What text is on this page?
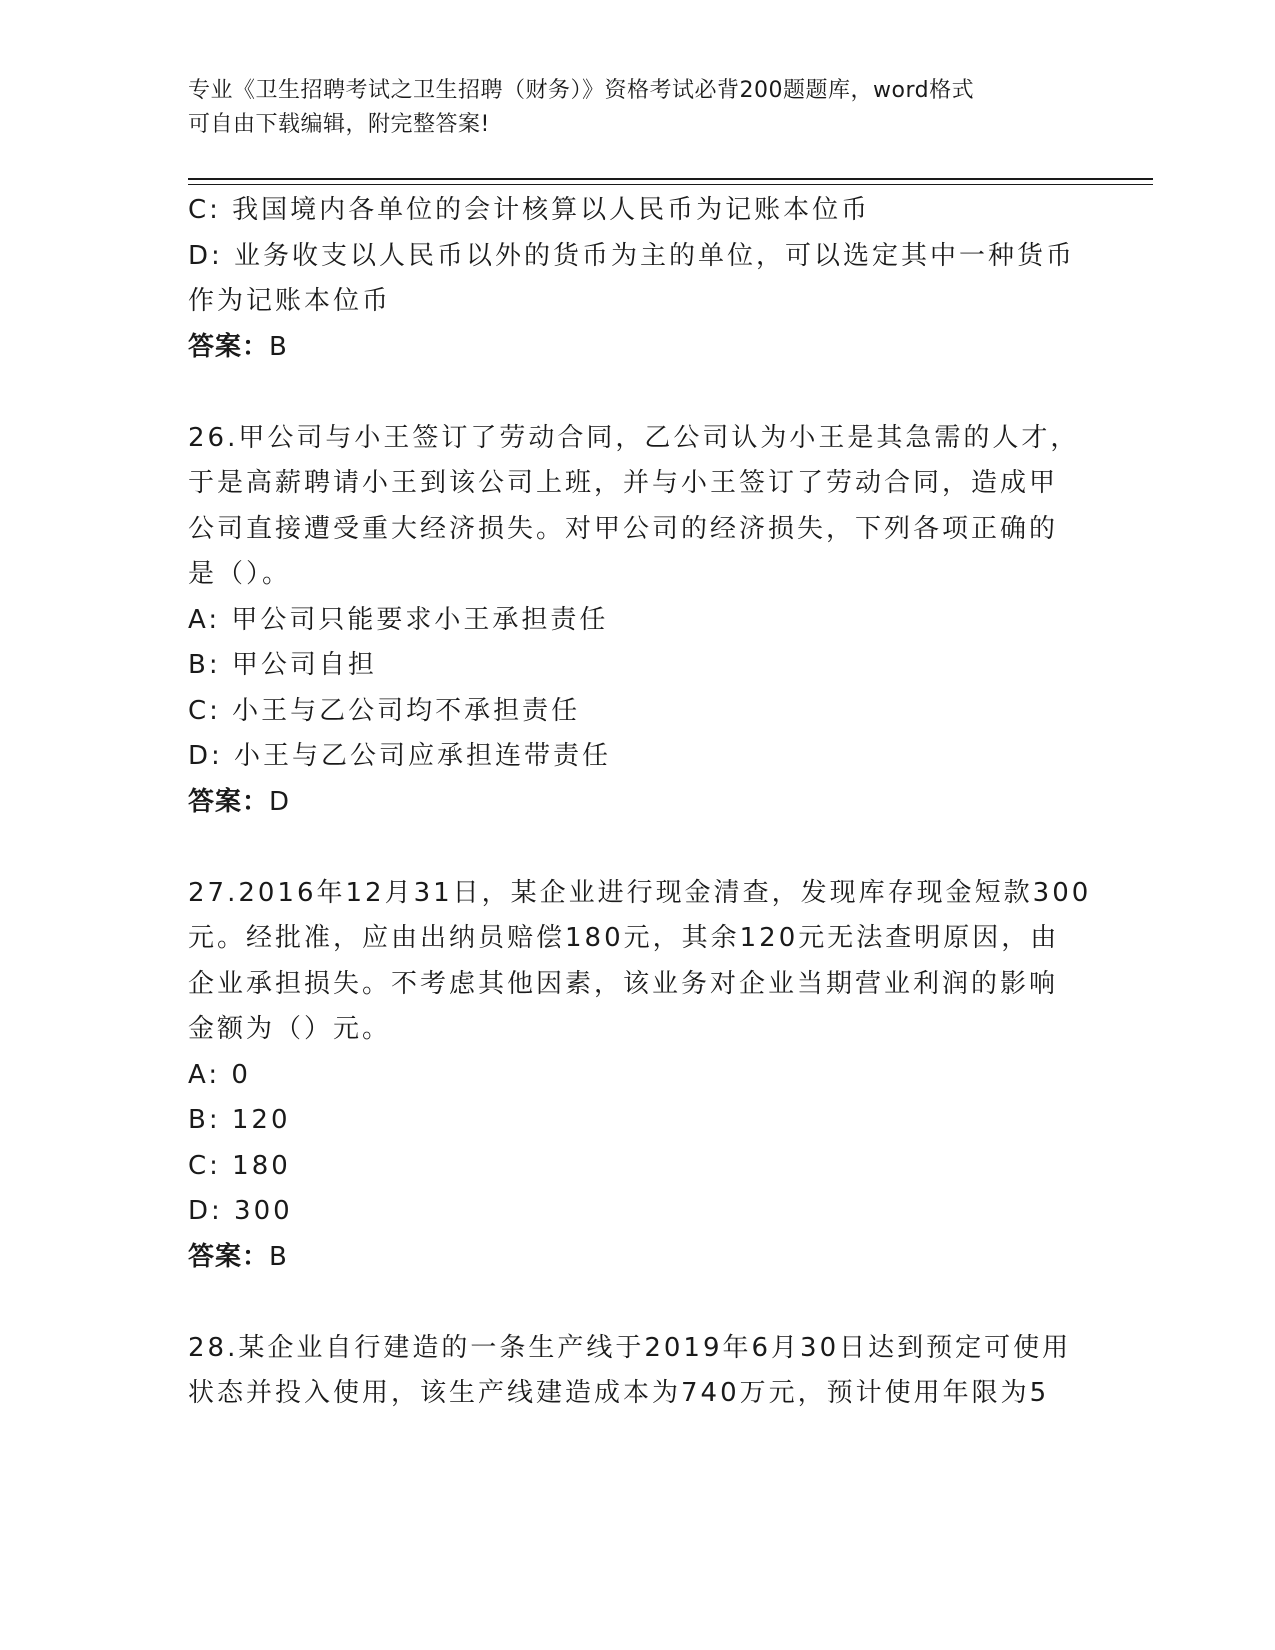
专业《卫生招聘考试之卫生招聘（财务）》资格考试必背200题题库，word格式
可自由下载编辑，附完整答案!
C: 我国境内各单位的会计核算以人民币为记账本位币
D: 业务收支以人民币以外的货币为主的单位，可以选定其中一种货币
作为记账本位币
答案：B
26.甲公司与小王签订了劳动合同，乙公司认为小王是其急需的人才，
于是高薪聘请小王到该公司上班，并与小王签订了劳动合同，造成甲
公司直接遭受重大经济损失。对甲公司的经济损失，下列各项正确的
是（）。
A: 甲公司只能要求小王承担责任
B: 甲公司自担
C: 小王与乙公司均不承担责任
D: 小王与乙公司应承担连带责任
答案：D
27.2016年12月31日，某企业进行现金清查，发现库存现金短款300
元。经批准，应由出纳员赔偿180元，其余120元无法查明原因，由
企业承担损失。不考虑其他因素，该业务对企业当期营业利润的影响
金额为（）元。
A: 0
B: 120
C: 180
D: 300
答案：B
28.某企业自行建造的一条生产线于2019年6月30日达到预定可使用
状态并投入使用，该生产线建造成本为740万元，预计使用年限为5
